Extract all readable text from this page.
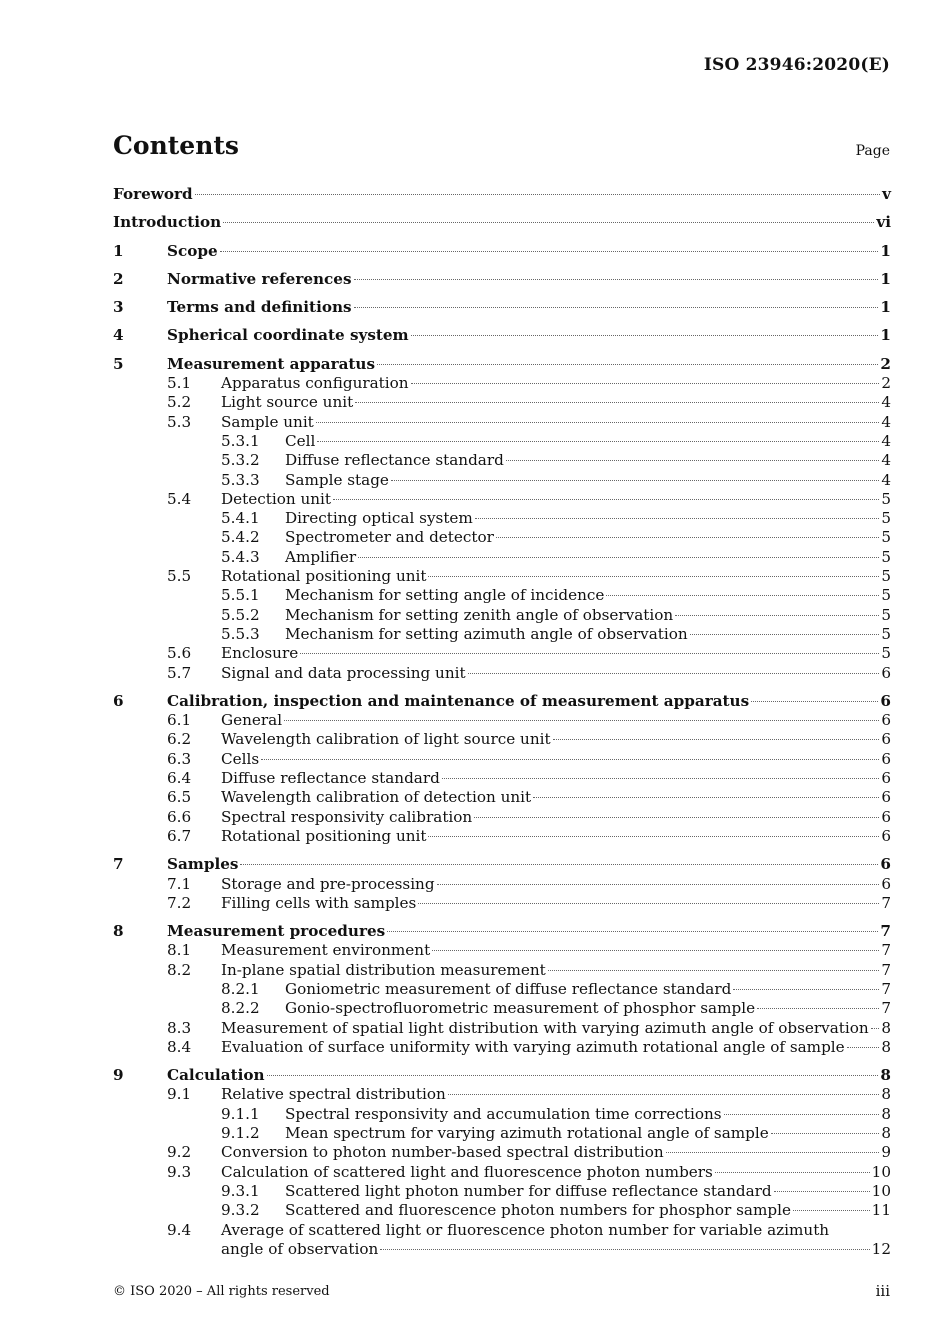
ISO 23946:2020(E)
Contents	Page
Foreword	v
Introduction	vi
1	Scope	1
2	Normative references	1
3	Terms and definitions	1
4	Spherical coordinate system	1
5	Measurement apparatus	2
5.1 Apparatus configuration	2
5.2 Light source unit	4
5.3 Sample unit	4
5.3.1 Cell	4
5.3.2 Diffuse reflectance standard	4
5.3.3 Sample stage	4
5.4 Detection unit	5
5.4.1 Directing optical system	5
5.4.2 Spectrometer and detector	5
5.4.3 Amplifier	5
5.5 Rotational positioning unit	5
5.5.1 Mechanism for setting angle of incidence	5
5.5.2 Mechanism for setting zenith angle of observation	5
5.5.3 Mechanism for setting azimuth angle of observation	5
5.6 Enclosure	5
5.7 Signal and data processing unit	6
6	Calibration, inspection and maintenance of measurement apparatus	6
6.1 General	6
6.2 Wavelength calibration of light source unit	6
6.3 Cells	6
6.4 Diffuse reflectance standard	6
6.5 Wavelength calibration of detection unit	6
6.6 Spectral responsivity calibration	6
6.7 Rotational positioning unit	6
7	Samples	6
7.1 Storage and pre-processing	6
7.2 Filling cells with samples	7
8	Measurement procedures	7
8.1 Measurement environment	7
8.2 In-plane spatial distribution measurement	7
8.2.1 Goniometric measurement of diffuse reflectance standard	7
8.2.2 Gonio-spectrofluorometric measurement of phosphor sample	7
8.3 Measurement of spatial light distribution with varying azimuth angle of observation 8
8.4 Evaluation of surface uniformity with varying azimuth rotational angle of sample 8
9	Calculation	8
9.1 Relative spectral distribution	8
9.1.1 Spectral responsivity and accumulation time corrections	8
9.1.2 Mean spectrum for varying azimuth rotational angle of sample	8
9.2 Conversion to photon number-based spectral distribution	9
9.3 Calculation of scattered light and fluorescence photon numbers	10
9.3.1 Scattered light photon number for diffuse reflectance standard	10
9.3.2 Scattered and fluorescence photon numbers for phosphor sample	11
9.4 Average of scattered light or fluorescence photon number for variable azimuth
angle of observation	12
© ISO 2020 – All rights reserved	iii
